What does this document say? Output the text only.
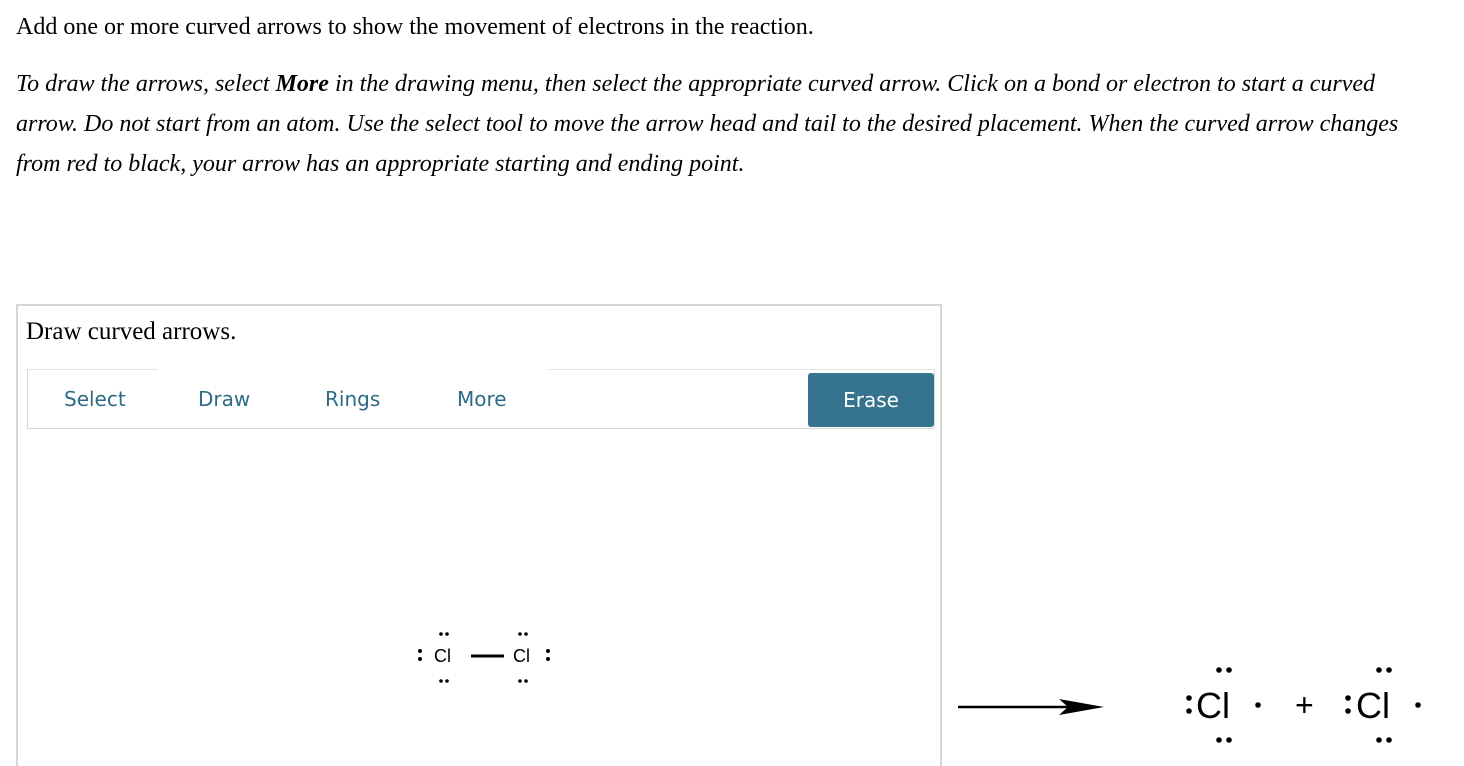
Add one or more curved arrows to show the movement of electrons in the reaction.

To draw the arrows, select More in the drawing menu, then select the appropriate curved arrow. Click on a bond or electron to start a curved arrow. Do not start from an atom. Use the select tool to move the arrow head and tail to the desired placement. When the curved arrow changes from red to black, your arrow has an appropriate starting and ending point.

Draw curved arrows.

Select	Draw	Rings	More	Erase
Cl	Cl
Cl + Cl
